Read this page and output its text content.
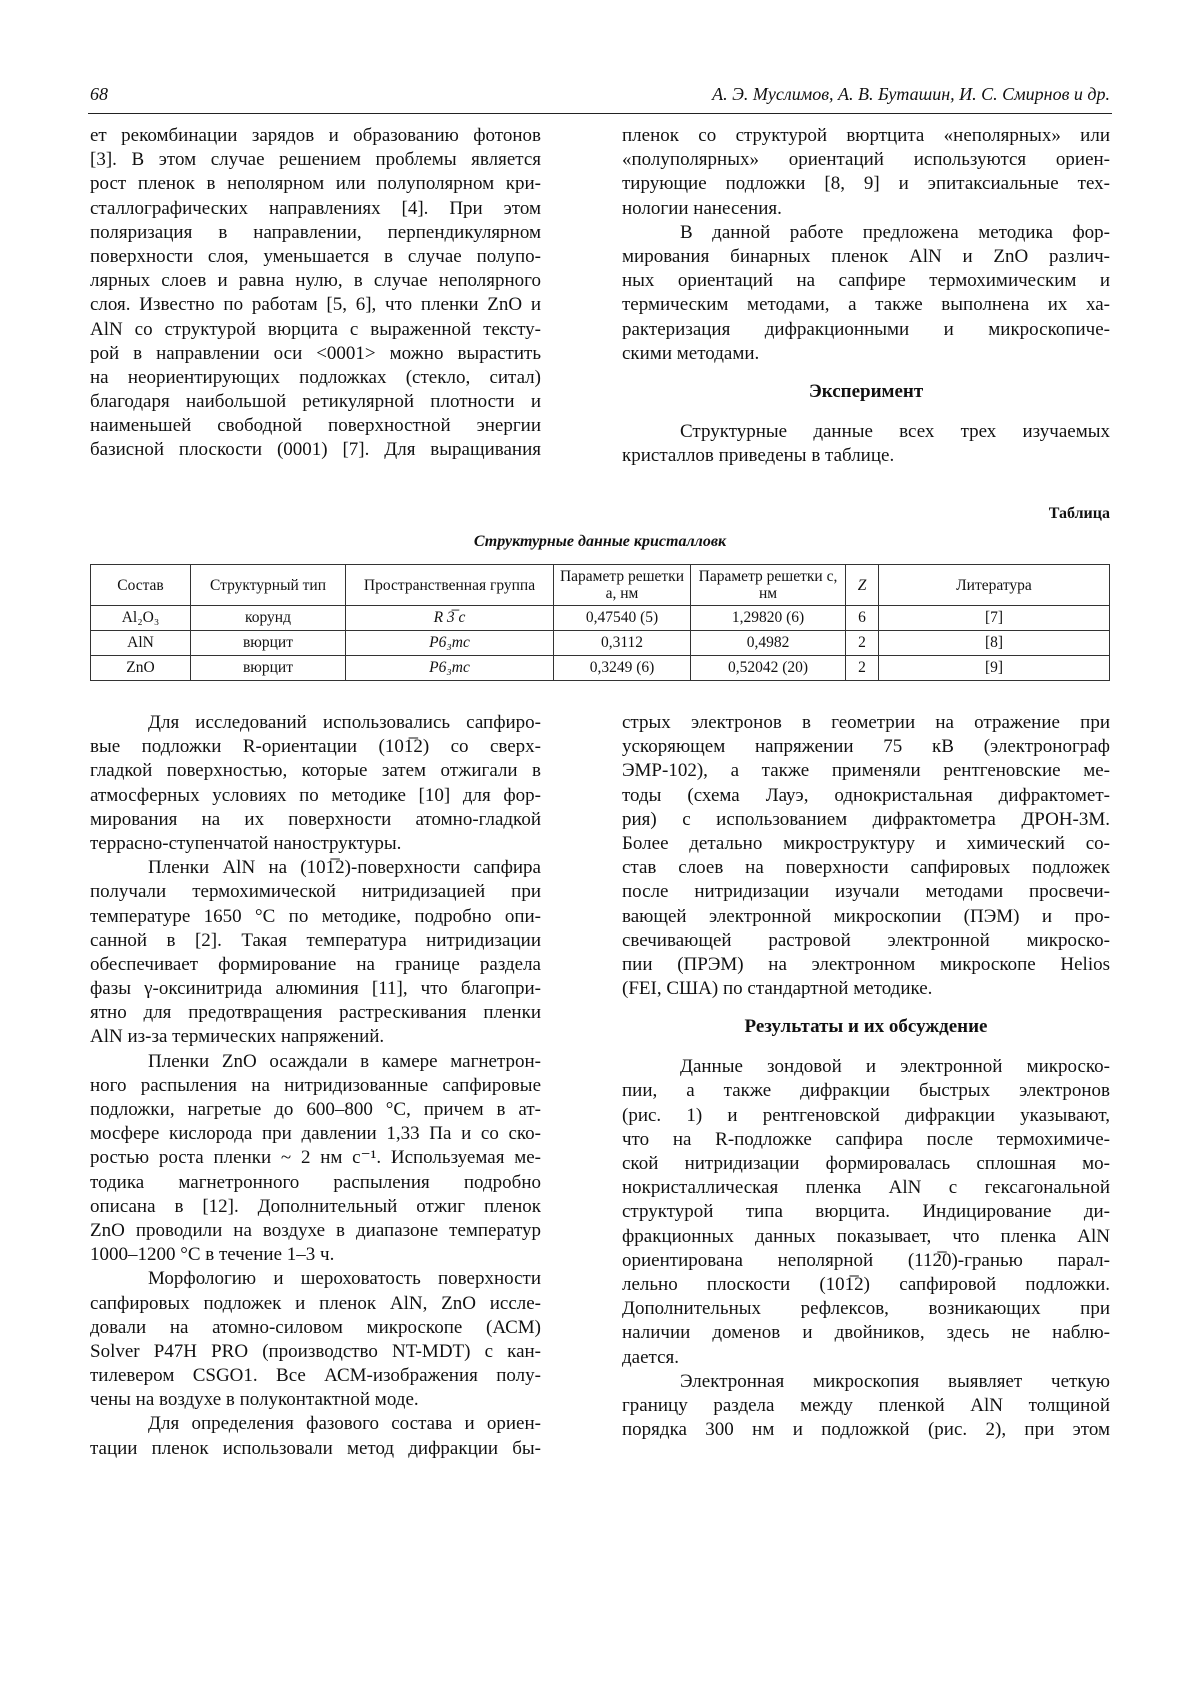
68	А. Э. Муслимов, А. В. Буташин, И. С. Смирнов и др.
ет рекомбинации зарядов и образованию фотонов
[3]. В этом случае решением проблемы является
рост пленок в неполярном или полуполярном кри-
сталлографических направлениях [4]. При этом
поляризация в направлении, перпендикулярном
поверхности слоя, уменьшается в случае полупо-
лярных слоев и равна нулю, в случае неполярного
слоя. Известно по работам [5, 6], что пленки ZnO и
AlN со структурой вюрцита с выраженной тексту-
рой в направлении оси <0001> можно вырастить
на неориентирующих подложках (стекло, ситал)
благодаря наибольшой ретикулярной плотности и
наименьшей свободной поверхностной энергии
базисной плоскости (0001) [7]. Для выращивания
пленок со структурой вюртцита «неполярных» или
«полуполярных» ориентаций используются ориен-
тирующие подложки [8, 9] и эпитаксиальные тех-
нологии нанесения.
В данной работе предложена методика фор-
мирования бинарных пленок AlN и ZnO различ-
ных ориентаций на сапфире термохимическим и
термическим методами, а также выполнена их ха-
рактеризация дифракционными и микроскопиче-
скими методами.
Эксперимент
Структурные данные всех трех изучаемых
кристаллов приведены в таблице.
Таблица
Структурные данные кристалловк
Состав	Структурный тип	Пространственная группа	Параметр решетки a, нм	Параметр решетки c, нм	Z	Литература
Al₂O₃	корунд	R 3̅ c	0,47540 (5)	1,29820 (6)	6	[7]
AlN	вюрцит	P6₃mc	0,3112	0,4982	2	[8]
ZnO	вюрцит	P6₃mc	0,3249 (6)	0,52042 (20)	2	[9]
Для исследований использовались сапфиро-
вые подложки R-ориентации (101̅2) со сверх-
гладкой поверхностью, которые затем отжигали в
атмосферных условиях по методике [10] для фор-
мирования на их поверхности атомно-гладкой
террасно-ступенчатой наноструктуры.
Пленки AlN на (101̅2)-поверхности сапфира
получали термохимической нитридизацией при
температуре 1650 °C по методике, подробно опи-
санной в [2]. Такая температура нитридизации
обеспечивает формирование на границе раздела
фазы γ-оксинитрида алюминия [11], что благопри-
ятно для предотвращения растрескивания пленки
AlN из-за термических напряжений.
Пленки ZnO осаждали в камере магнетрон-
ного распыления на нитридизованные сапфировые
подложки, нагретые до 600–800 °C, причем в ат-
мосфере кислорода при давлении 1,33 Па и со ско-
ростью роста пленки ~ 2 нм с⁻¹. Используемая ме-
тодика магнетронного распыления подробно
описана в [12]. Дополнительный отжиг пленок
ZnO проводили на воздухе в диапазоне температур
1000–1200 °C в течение 1–3 ч.
Морфологию и шероховатость поверхности
сапфировых подложек и пленок AlN, ZnO иссле-
довали на атомно-силовом микроскопе (АСМ)
Solver P47H PRO (производство NT-MDT) с кан-
тилевером CSGO1. Все АСМ-изображения полу-
чены на воздухе в полуконтактной моде.
Для определения фазового состава и ориен-
тации пленок использовали метод дифракции бы-
стрых электронов в геометрии на отражение при
ускоряющем напряжении 75 кВ (электронограф
ЭМР-102), а также применяли рентгеновские ме-
тоды (схема Лауэ, однокристальная дифрактомет-
рия) с использованием дифрактометра ДРОН-3М.
Более детально микроструктуру и химический со-
став слоев на поверхности сапфировых подложек
после нитридизации изучали методами просвечи-
вающей электронной микроскопии (ПЭМ) и про-
свечивающей растровой электронной микроско-
пии (ПРЭМ) на электронном микроскопе Helios
(FEI, США) по стандартной методике.
Результаты и их обсуждение
Данные зондовой и электронной микроско-
пии, а также дифракции быстрых электронов
(рис. 1) и рентгеновской дифракции указывают,
что на R-подложке сапфира после термохимиче-
ской нитридизации формировалась сплошная мо-
нокристаллическая пленка AlN с гексагональной
структурой типа вюрцита. Индицирование ди-
фракционных данных показывает, что пленка AlN
ориентирована неполярной (112̅0)-гранью парал-
лельно плоскости (101̅2) сапфировой подложки.
Дополнительных рефлексов, возникающих при
наличии доменов и двойников, здесь не наблю-
дается.
Электронная микроскопия выявляет четкую
границу раздела между пленкой AlN толщиной
порядка 300 нм и подложкой (рис. 2), при этом
